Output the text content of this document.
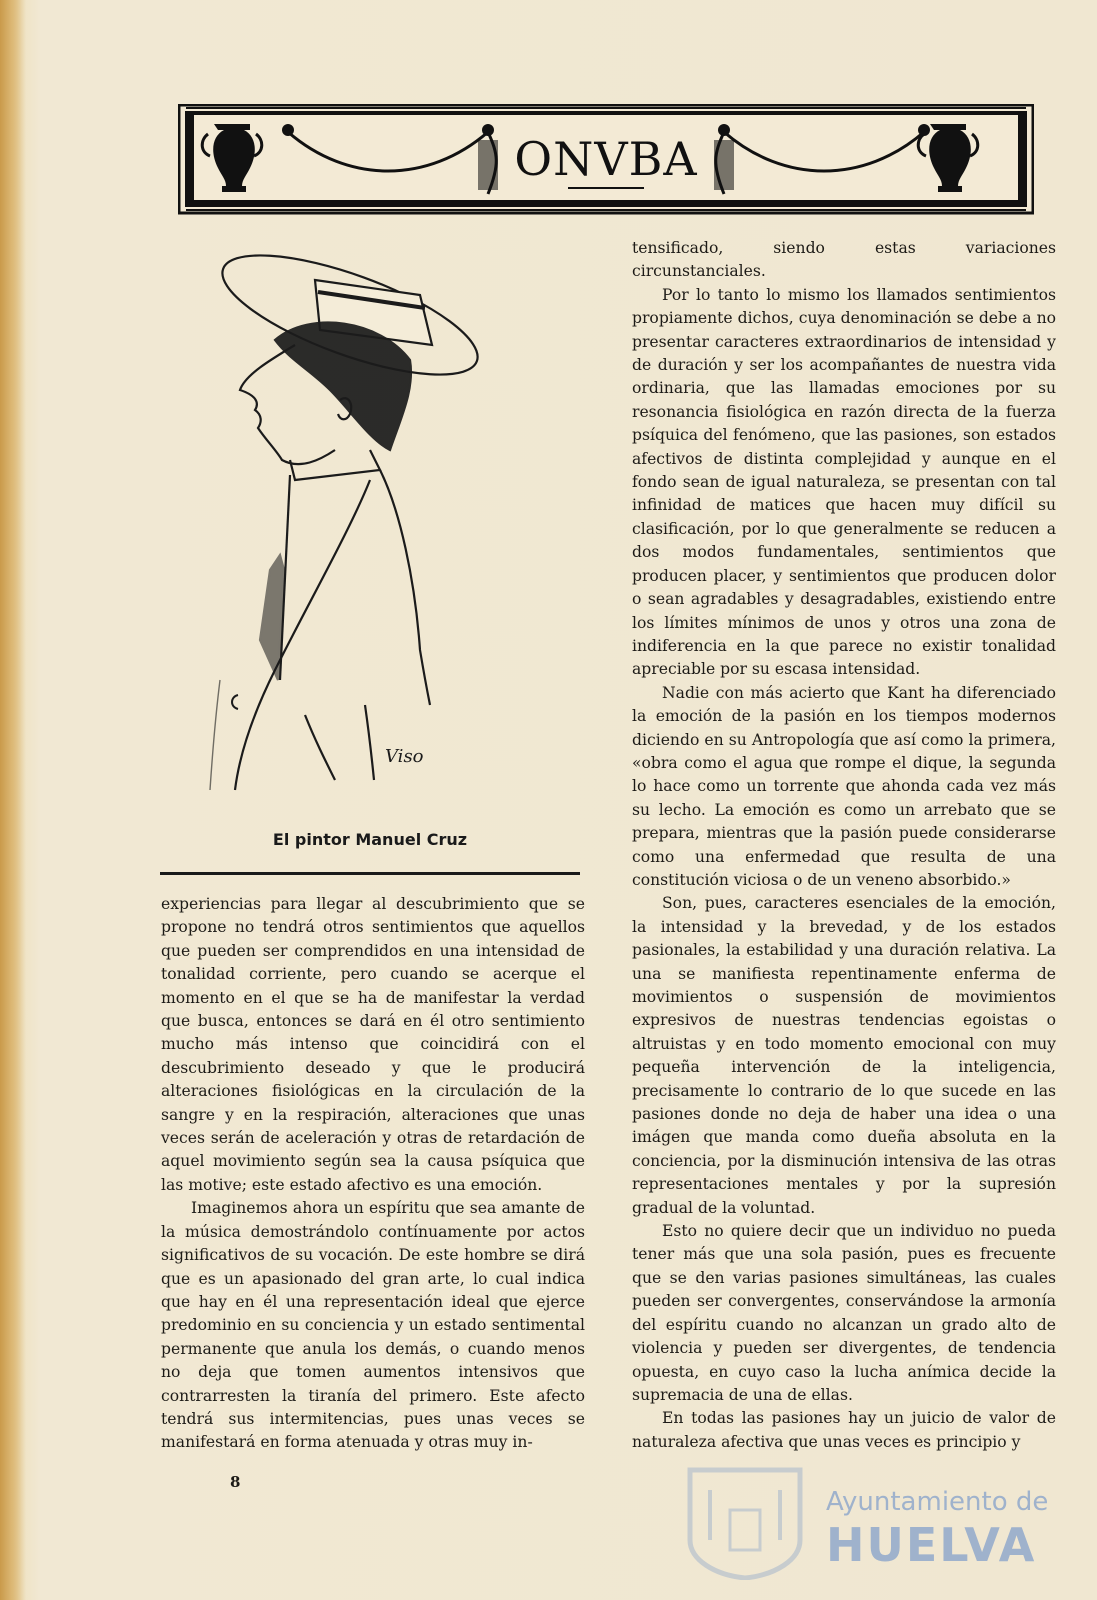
ONVBA
Viso
El pintor Manuel Cruz

experiencias para llegar al descubrimiento que se propone no tendrá otros sentimientos que aquellos que pueden ser comprendidos en una intensidad de tonalidad corriente, pero cuando se acerque el momento en el que se ha de manifestar la verdad que busca, entonces se dará en él otro sentimiento mucho más intenso que coincidirá con el descubrimiento deseado y que le producirá alteraciones fisiológicas en la circulación de la sangre y en la respiración, alteraciones que unas veces serán de aceleración y otras de retardación de aquel movimiento según sea la causa psíquica que las motive; este estado afectivo es una emoción.

Imaginemos ahora un espíritu que sea amante de la música demostrándolo contínuamente por actos significativos de su vocación. De este hombre se dirá que es un apasionado del gran arte, lo cual indica que hay en él una representación ideal que ejerce predominio en su conciencia y un estado sentimental permanente que anula los demás, o cuando menos no deja que tomen aumentos intensivos que contrarresten la tiranía del primero. Este afecto tendrá sus intermitencias, pues unas veces se manifestará en forma atenuada y otras muy in-

tensificado, siendo estas variaciones circunstanciales.

Por lo tanto lo mismo los llamados sentimientos propiamente dichos, cuya denominación se debe a no presentar caracteres extraordinarios de intensidad y de duración y ser los acompañantes de nuestra vida ordinaria, que las llamadas emociones por su resonancia fisiológica en razón directa de la fuerza psíquica del fenómeno, que las pasiones, son estados afectivos de distinta complejidad y aunque en el fondo sean de igual naturaleza, se presentan con tal infinidad de matices que hacen muy difícil su clasificación, por lo que generalmente se reducen a dos modos fundamentales, sentimientos que producen placer, y sentimientos que producen dolor o sean agradables y desagradables, existiendo entre los límites mínimos de unos y otros una zona de indiferencia en la que parece no existir tonalidad apreciable por su escasa intensidad.

Nadie con más acierto que Kant ha diferenciado la emoción de la pasión en los tiempos modernos diciendo en su Antropología que así como la primera, «obra como el agua que rompe el dique, la segunda lo hace como un torrente que ahonda cada vez más su lecho. La emoción es como un arrebato que se prepara, mientras que la pasión puede considerarse como una enfermedad que resulta de una constitución viciosa o de un veneno absorbido.»

Son, pues, caracteres esenciales de la emoción, la intensidad y la brevedad, y de los estados pasionales, la estabilidad y una duración relativa. La una se manifiesta repentinamente enferma de movimientos o suspensión de movimientos expresivos de nuestras tendencias egoistas o altruistas y en todo momento emocional con muy pequeña intervención de la inteligencia, precisamente lo contrario de lo que sucede en las pasiones donde no deja de haber una idea o una imágen que manda como dueña absoluta en la conciencia, por la disminución intensiva de las otras representaciones mentales y por la supresión gradual de la voluntad.

Esto no quiere decir que un individuo no pueda tener más que una sola pasión, pues es frecuente que se den varias pasiones simultáneas, las cuales pueden ser convergentes, conservándose la armonía del espíritu cuando no alcanzan un grado alto de violencia y pueden ser divergentes, de tendencia opuesta, en cuyo caso la lucha anímica decide la supremacia de una de ellas.

En todas las pasiones hay un juicio de valor de naturaleza afectiva que unas veces es principio y

8
Ayuntamiento de
HUELVA
